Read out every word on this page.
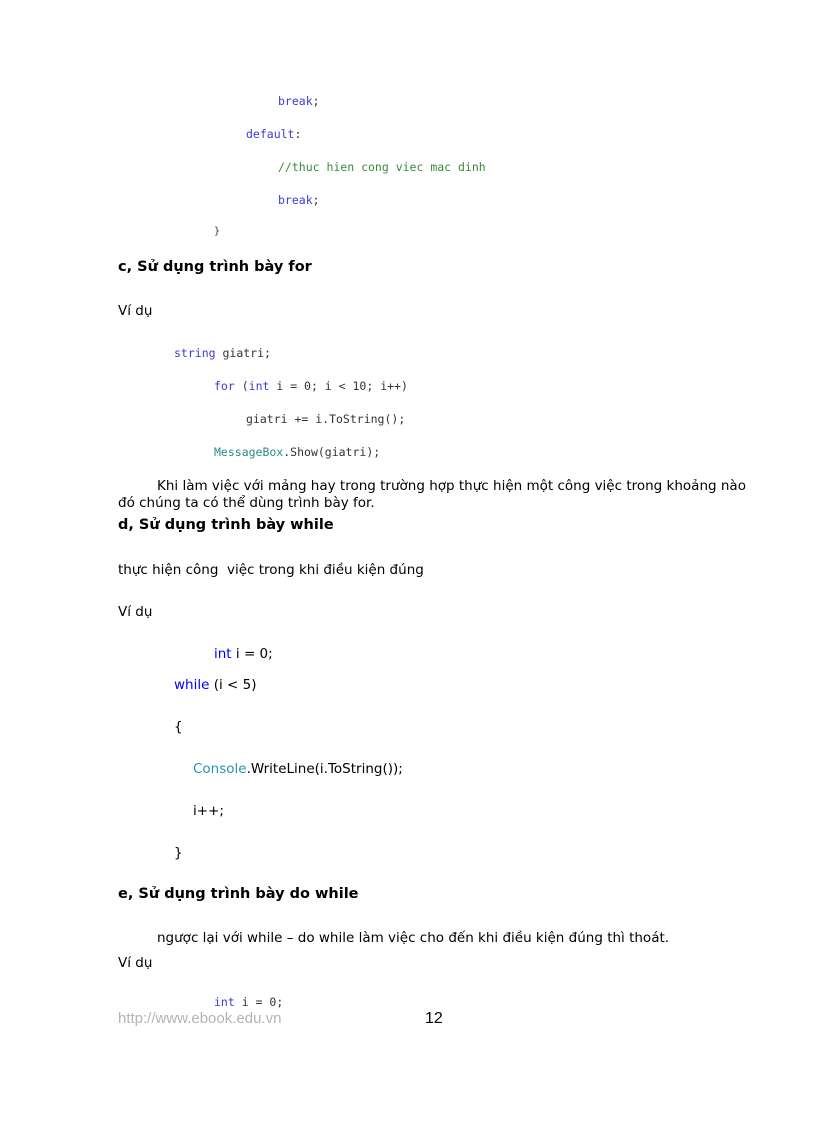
break;
default:
//thuc hien cong viec mac dinh
break;
}
c, Sử dụng trình bày for
Ví dụ
string giatri;
for (int i = 0; i < 10; i++)
giatri += i.ToString();
MessageBox.Show(giatri);
Khi làm việc với mảng hay trong trường hợp thực hiện một công việc trong khoảng nào
đó chúng ta có thể dùng trình bày for.
d, Sử dụng trình bày while
thực hiện công  việc trong khi điều kiện đúng
Ví dụ
int i = 0;
while (i < 5)
{
Console.WriteLine(i.ToString());
i++;
}
e, Sử dụng trình bày do while
ngược lại với while – do while làm việc cho đến khi điều kiện đúng thì thoát.
Ví dụ
int i = 0;
http://www.ebook.edu.vn	12
